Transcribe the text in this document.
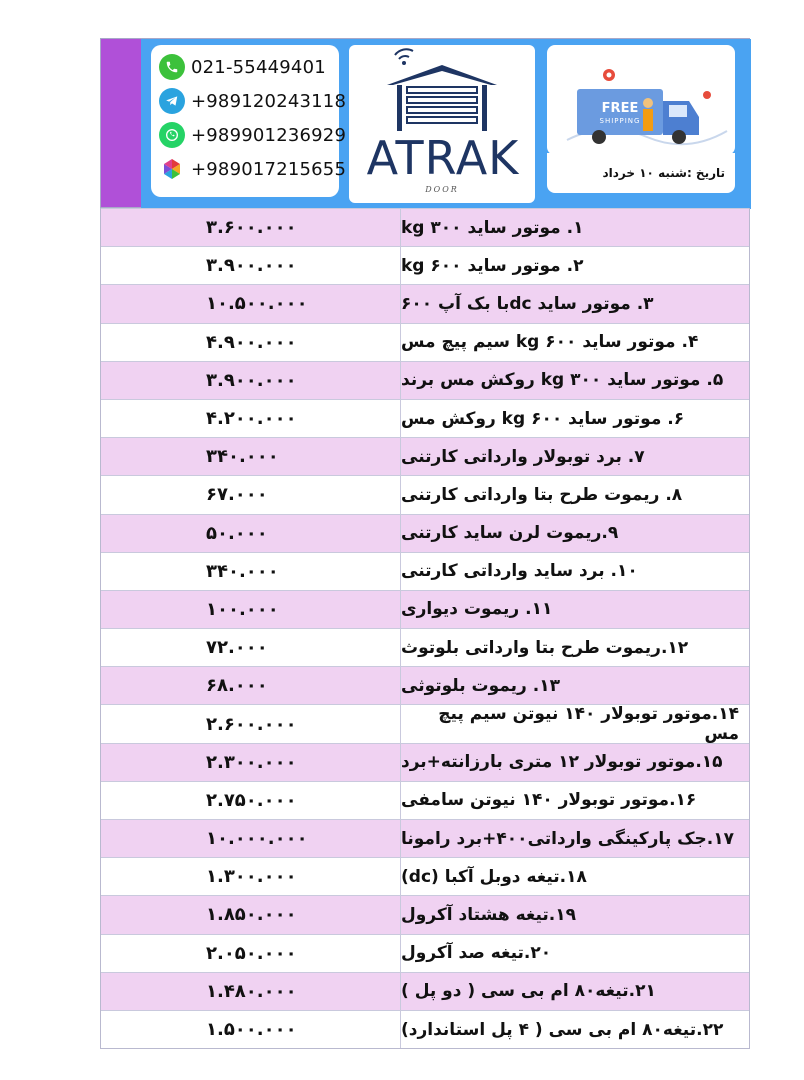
021-55449401
+989120243118
+989901236929
+989017215655 ATRAK
DOOR
FREE
SHIPPING
تاریخ :شنبه ۱۰ خرداد
۳.۶۰۰.۰۰۰	۱. موتور ساید kg ۳۰۰
۳.۹۰۰.۰۰۰	۲. موتور ساید kg ۶۰۰
۱۰.۵۰۰.۰۰۰	۳. موتور ساید dcبا بک آپ ۶۰۰
۴.۹۰۰.۰۰۰	۴. موتور ساید kg ۶۰۰ سیم پیچ مس
۳.۹۰۰.۰۰۰	۵. موتور ساید kg ۳۰۰ روکش مس برند
۴.۲۰۰.۰۰۰	۶. موتور ساید kg ۶۰۰ روکش مس
۳۴۰.۰۰۰	۷. برد توبولار وارداتی کارتنی
۶۷.۰۰۰	۸. ریموت طرح بتا وارداتی کارتنی
۵۰.۰۰۰	۹.ریموت لرن ساید کارتنی
۳۴۰.۰۰۰	۱۰. برد ساید وارداتی کارتنی
۱۰۰.۰۰۰	۱۱. ریموت دیواری
۷۲.۰۰۰	۱۲.ریموت طرح بتا وارداتی بلوتوث
۶۸.۰۰۰	۱۳. ریموت بلوتوثی
۲.۶۰۰.۰۰۰	۱۴.موتور توبولار ۱۴۰ نیوتن سیم پیچ مس
۲.۳۰۰.۰۰۰	۱۵.موتور توبولار ۱۲ متری بارزانته+برد
۲.۷۵۰.۰۰۰	۱۶.موتور توبولار ۱۴۰ نیوتن سامفی
۱۰.۰۰۰.۰۰۰	۱۷.جک پارکینگی وارداتی۴۰۰+برد رامونا
۱.۳۰۰.۰۰۰	۱۸.تیغه دوبل آکبا (dc)
۱.۸۵۰.۰۰۰	۱۹.تیغه هشتاد آکرول
۲.۰۵۰.۰۰۰	۲۰.تیغه صد آکرول
۱.۴۸۰.۰۰۰	۲۱.تیغه۸۰ ام بی سی ( دو پل )
۱.۵۰۰.۰۰۰	۲۲.تیغه۸۰ ام بی سی ( ۴ پل استاندارد)
